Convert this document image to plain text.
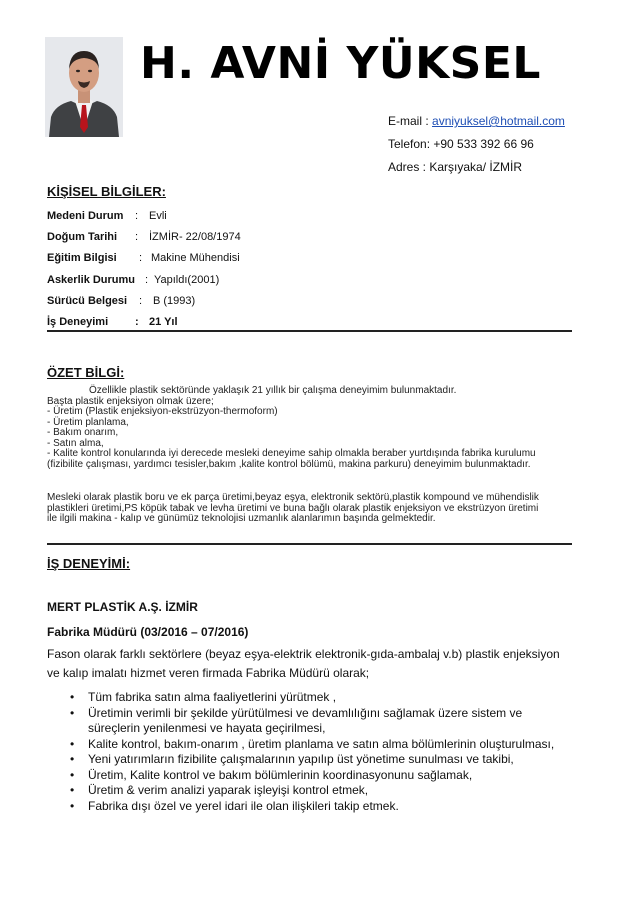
H. AVNİ YÜKSEL
E-mail : avniyuksel@hotmail.com
Telefon: +90 533 392 66 96
Adres : Karşıyaka/ İZMİR
KİŞİSEL BİLGİLER:
Medeni Durum : Evli
Doğum Tarihi : İZMİR- 22/08/1974
Eğitim Bilgisi : Makine Mühendisi
Askerlik Durumu : Yapıldı(2001)
Sürücü Belgesi : B (1993)
İş Deneyimi : 21 Yıl
ÖZET BİLGİ:

Özellikle plastik sektöründe yaklaşık 21 yıllık bir çalışma deneyimim bulunmaktadır.

Başta plastik enjeksiyon olmak üzere;

- Üretim (Plastik enjeksiyon-ekstrüzyon-thermoform)

- Üretim planlama,

- Bakım onarım,

- Satın alma,

- Kalite kontrol konularında iyi derecede mesleki deneyime sahip olmakla beraber yurtdışında fabrika kurulumu

(fizibilite çalışması, yardımcı tesisler,bakım ,kalite kontrol bölümü, makina parkuru) deneyimim bulunmaktadır.

Mesleki olarak plastik boru ve ek parça üretimi,beyaz eşya, elektronik sektörü,plastik kompound ve mühendislik

plastikleri üretimi,PS köpük tabak ve levha üretimi ve buna bağlı olarak plastik enjeksiyon ve ekstrüzyon üretimi

ile ilgili makina - kalıp ve günümüz teknolojisi uzmanlık alanlarımın başında gelmektedir.

İŞ DENEYİMİ:
MERT PLASTİK A.Ş. İZMİR
Fabrika Müdürü (03/2016 – 07/2016)
Fason olarak farklı sektörlere (beyaz eşya-elektrik elektronik-gıda-ambalaj v.b) plastik enjeksiyon ve kalıp imalatı hizmet veren firmada Fabrika Müdürü olarak;
• Tüm fabrika satın alma faaliyetlerini yürütmek ,
• Üretimin verimli bir şekilde yürütülmesi ve devamlılığını sağlamak üzere sistem ve süreçlerin yenilenmesi ve hayata geçirilmesi,
• Kalite kontrol, bakım-onarım , üretim planlama ve satın alma bölümlerinin oluşturulması,
• Yeni yatırımların fizibilite çalışmalarının yapılıp üst yönetime sunulması ve takibi,
• Üretim, Kalite kontrol ve bakım bölümlerinin koordinasyonunu sağlamak,
• Üretim & verim analizi yaparak işleyişi kontrol etmek,
• Fabrika dışı özel ve yerel idari ile olan ilişkileri takip etmek.
